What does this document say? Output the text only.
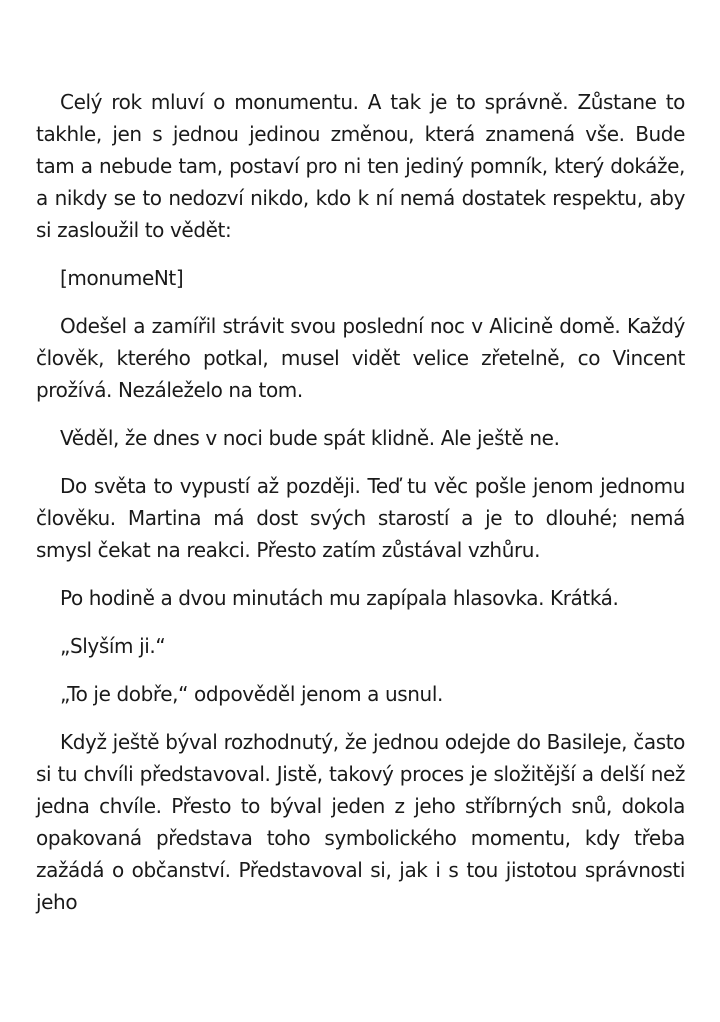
Celý rok mluví o monumentu. A tak je to správně. Zůstane to takhle, jen s jednou jedinou změnou, která znamená vše. Bude tam a nebude tam, postaví pro ni ten jediný pomník, který dokáže, a nikdy se to nedozví nikdo, kdo k ní nemá dostatek respektu, aby si zasloužil to vědět:

[monumeNt]

Odešel a zamířil strávit svou poslední noc v Alicině domě. Každý člověk, kterého potkal, musel vidět velice zřetelně, co Vincent prožívá. Nezáleželo na tom.

Věděl, že dnes v noci bude spát klidně. Ale ještě ne.

Do světa to vypustí až později. Teď tu věc pošle jenom jednomu člověku. Martina má dost svých starostí a je to dlouhé; nemá smysl čekat na reakci. Přesto zatím zůstával vzhůru.

Po hodině a dvou minutách mu zapípala hlasovka. Krátká.

„Slyším ji.“

„To je dobře,“ odpověděl jenom a usnul.

Když ještě býval rozhodnutý, že jednou odejde do Basileje, často si tu chvíli představoval. Jistě, takový proces je složitější a delší než jedna chvíle. Přesto to býval jeden z jeho stříbrných snů, dokola opakovaná představa toho symbolického momentu, kdy třeba zažádá o občanství. Představoval si, jak i s tou jistotou správnosti jeho
